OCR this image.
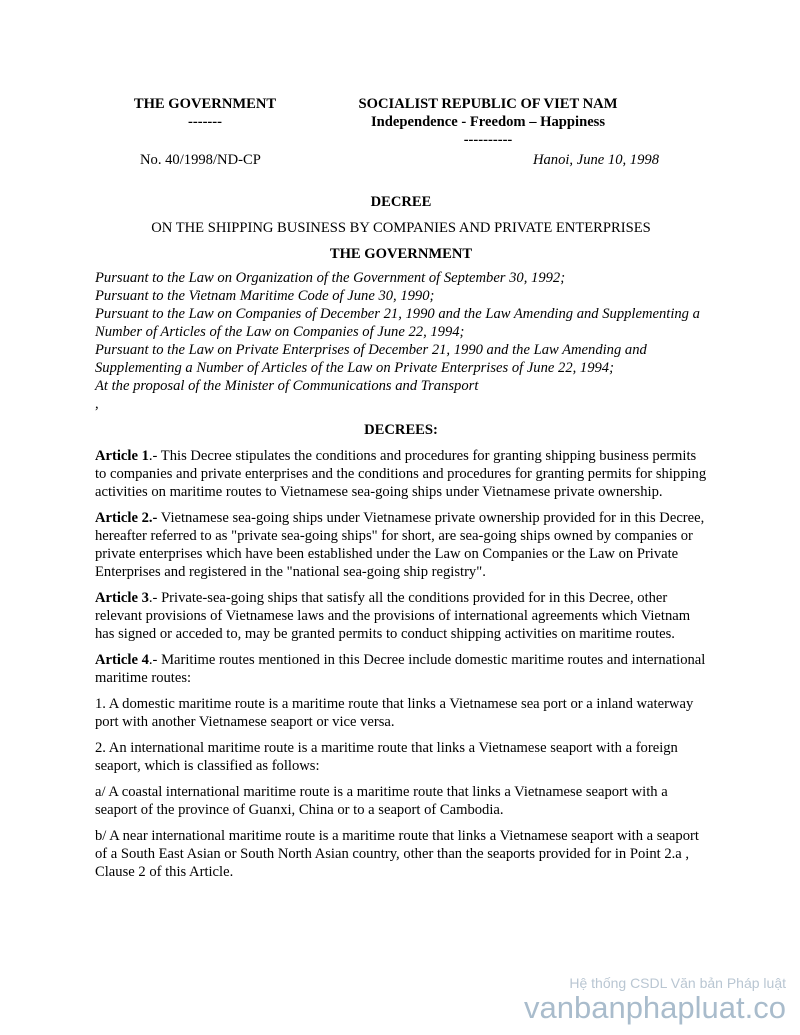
THE GOVERNMENT
-------
SOCIALIST REPUBLIC OF VIET NAM
Independence - Freedom – Happiness
----------
No. 40/1998/ND-CP	Hanoi, June 10, 1998
DECREE
ON THE SHIPPING BUSINESS BY COMPANIES AND PRIVATE ENTERPRISES
THE GOVERNMENT
Pursuant to the Law on Organization of the Government of September 30, 1992;
Pursuant to the Vietnam Maritime Code of June 30, 1990;
Pursuant to the Law on Companies of December 21, 1990 and the Law Amending and Supplementing a Number of Articles of the Law on Companies of June 22, 1994;
Pursuant to the Law on Private Enterprises of December 21, 1990 and the Law Amending and Supplementing a Number of Articles of the Law on Private Enterprises of June 22, 1994;
At the proposal of the Minister of Communications and Transport
,
DECREES:

Article 1.- This Decree stipulates the conditions and procedures for granting shipping business permits to companies and private enterprises and the conditions and procedures for granting permits for shipping activities on maritime routes to Vietnamese sea-going ships under Vietnamese private ownership.

Article 2.- Vietnamese sea-going ships under Vietnamese private ownership provided for in this Decree, hereafter referred to as "private sea-going ships" for short, are sea-going ships owned by companies or private enterprises which have been established under the Law on Companies or the Law on Private Enterprises and registered in the "national sea-going ship registry".

Article 3.- Private-sea-going ships that satisfy all the conditions provided for in this Decree, other relevant provisions of Vietnamese laws and the provisions of international agreements which Vietnam has signed or acceded to, may be granted permits to conduct shipping activities on maritime routes.

Article 4.- Maritime routes mentioned in this Decree include domestic maritime routes and international maritime routes:

1. A domestic maritime route is a maritime route that links a Vietnamese sea port or a inland waterway port with another Vietnamese seaport or vice versa.

2. An international maritime route is a maritime route that links a Vietnamese seaport with a foreign seaport, which is classified as follows:

a/ A coastal international maritime route is a maritime route that links a Vietnamese seaport with a seaport of the province of Guanxi, China or to a seaport of Cambodia.

b/ A near international maritime route is a maritime route that links a Vietnamese seaport with a seaport of a South East Asian or South North Asian country, other than the seaports provided for in Point 2.a , Clause 2 of this Article.

Hệ thống CSDL Văn bản Pháp luật
vanbanphapluat.co
